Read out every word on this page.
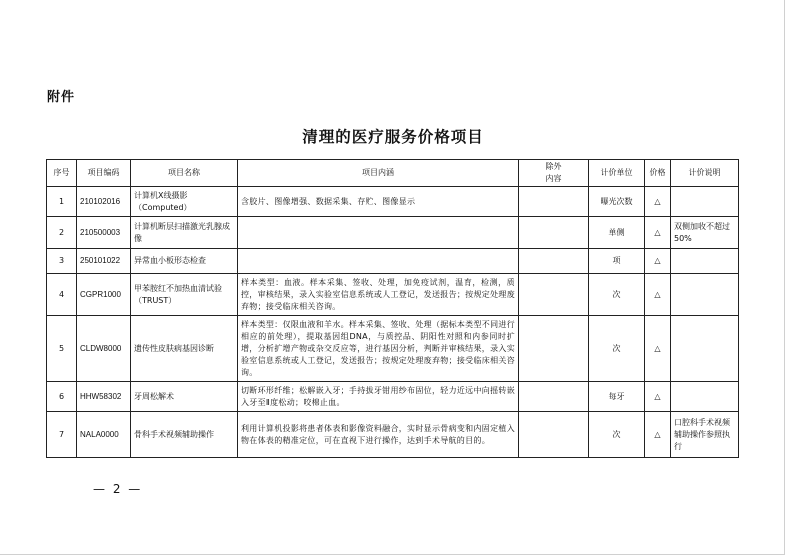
附件
清理的医疗服务价格项目
序号	项目编码	项目名称	项目内涵	除外
内容	计价单位	价格	计价说明
1	210102016	计算机X线摄影
（Computed）	含胶片、图像增强、数据采集、存贮、图像显示		曝光次数	△	
2	210500003	计算机断层扫描激光乳腺成像			单侧	△	双侧加收不超过50%
3	250101022	异常血小板形态检查			项	△	
4	CGPR1000	甲苯胺红不加热血清试验（TRUST）	样本类型：血液。样本采集、签收、处理，加免疫试剂，温育，检测，质控，审核结果，录入实验室信息系统或人工登记，发送报告；按规定处理废弃物；接受临床相关咨询。		次	△	
5	CLDW8000	遗传性皮肤病基因诊断	样本类型：仅限血液和羊水。样本采集、签收、处理（据标本类型不同进行相应的前处理），提取基因组DNA，与质控品、阴阳性对照和内参同时扩增，分析扩增产物或杂交反应等，进行基因分析，判断并审核结果，录入实验室信息系统或人工登记，发送报告；按规定处理废弃物；接受临床相关咨询。		次	△	
6	HHW58302	牙周松解术	切断环形纤维；松解嵌入牙；手持拔牙钳用纱布固位，轻力近远中向摇转嵌入牙至Ⅱ度松动；咬棉止血。		每牙	△	
7	NALA0000	骨科手术视频辅助操作	利用计算机投影将患者体表和影像资料融合，实时显示骨病变和内固定植入物在体表的精准定位，可在直视下进行操作，达到手术导航的目的。		次	△	口腔科手术视频辅助操作参照执行
— 2 —
